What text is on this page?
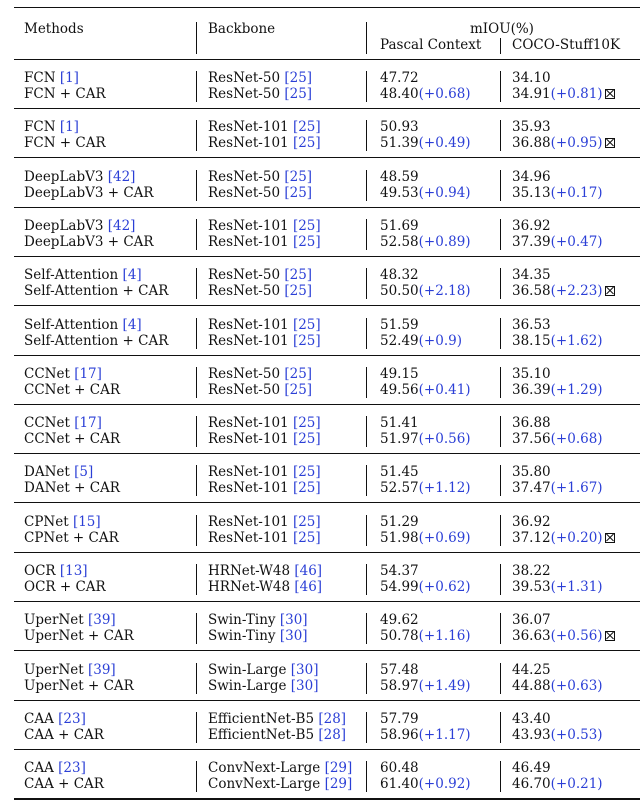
Methods	Backbone	mIOU(%)
Pascal Context COCO-Stuff10K
FCN [1]	ResNet-50 [25]	47.72	34.10
FCN + CAR	ResNet-50 [25]	48.40(+0.68)	34.91(+0.81)
FCN [1]	ResNet-101 [25]	50.93	35.93
FCN + CAR	ResNet-101 [25]	51.39(+0.49)	36.88(+0.95)
DeepLabV3 [42]	ResNet-50 [25]	48.59	34.96
DeepLabV3 + CAR	ResNet-50 [25]	49.53(+0.94)	35.13(+0.17)
DeepLabV3 [42]	ResNet-101 [25]	51.69	36.92
DeepLabV3 + CAR	ResNet-101 [25]	52.58(+0.89)	37.39(+0.47)
Self-Attention [4]	ResNet-50 [25]	48.32	34.35
Self-Attention + CAR	ResNet-50 [25]	50.50(+2.18)	36.58(+2.23)
Self-Attention [4]	ResNet-101 [25]	51.59	36.53
Self-Attention + CAR	ResNet-101 [25]	52.49(+0.9)	38.15(+1.62)
CCNet [17]	ResNet-50 [25]	49.15	35.10
CCNet + CAR	ResNet-50 [25]	49.56(+0.41)	36.39(+1.29)
CCNet [17]	ResNet-101 [25]	51.41	36.88
CCNet + CAR	ResNet-101 [25]	51.97(+0.56)	37.56(+0.68)
DANet [5]	ResNet-101 [25]	51.45	35.80
DANet + CAR	ResNet-101 [25]	52.57(+1.12)	37.47(+1.67)
CPNet [15]	ResNet-101 [25]	51.29	36.92
CPNet + CAR	ResNet-101 [25]	51.98(+0.69)	37.12(+0.20)
OCR [13]	HRNet-W48 [46]	54.37	38.22
OCR + CAR	HRNet-W48 [46]	54.99(+0.62)	39.53(+1.31)
UperNet [39]	Swin-Tiny [30]	49.62	36.07
UperNet + CAR	Swin-Tiny [30]	50.78(+1.16)	36.63(+0.56)
UperNet [39]	Swin-Large [30]	57.48	44.25
UperNet + CAR	Swin-Large [30]	58.97(+1.49)	44.88(+0.63)
CAA [23]	EfficientNet-B5 [28]	57.79	43.40
CAA + CAR	EfficientNet-B5 [28]	58.96(+1.17)	43.93(+0.53)
CAA [23]	ConvNext-Large [29] 60.48	46.49
CAA + CAR	ConvNext-Large [29] 61.40(+0.92)	46.70(+0.21)
